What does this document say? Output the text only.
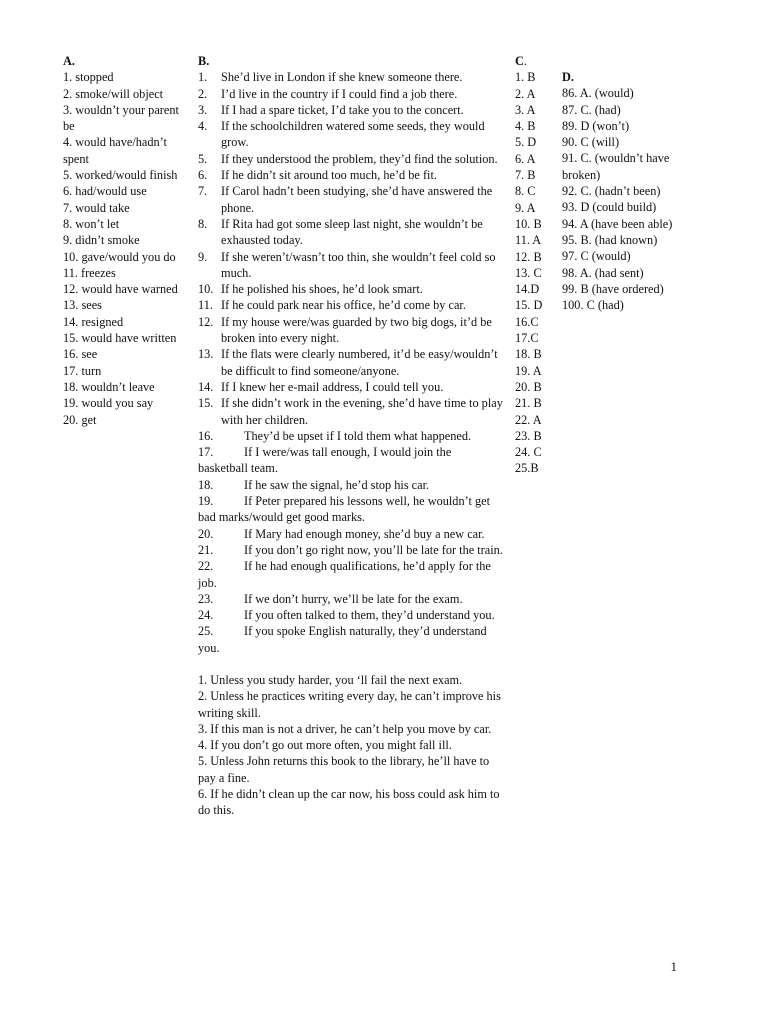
A.
1. stopped
2. smoke/will object
3. wouldn’t your parent be
4. would have/hadn’t spent
5. worked/would finish
6. had/would use
7. would take
8. won’t let
9. didn’t smoke
10. gave/would you do
11. freezes
12. would have warned
13. sees
14. resigned
15. would have written
16. see
17. turn
18. wouldn’t leave
19. would you say
20. get
B.
1.	She’d live in London if she knew someone there.
2.	I’d live in the country if I could find a job there.
3.	If I had a spare ticket, I’d take you to the concert.
4.	If the schoolchildren watered some seeds, they would grow.
5.	If they understood the problem, they’d find the solution.
6.	If he didn’t sit around too much, he’d be fit.
7.	If Carol hadn’t been studying, she’d have answered the phone.
8.	If Rita had got some sleep last night, she wouldn’t be exhausted today.
9.	If she weren’t/wasn’t too thin, she wouldn’t feel cold so much.
10. If he polished his shoes, he’d look smart.
11. If he could park near his office, he’d come by car.
12. If my house were/was guarded by two big dogs, it’d be broken into every night.
13. If the flats were clearly numbered, it’d be easy/wouldn’t be difficult to find someone/anyone.
14. If I knew her e-mail address, I could tell you.
15. If she didn’t work in the evening, she’d have time to play with her children.
16. They’d be upset if I told them what happened.
17. If I were/was tall enough, I would join the basketball team.
18. If he saw the signal, he’d stop his car.
19. If Peter prepared his lessons well, he wouldn’t get bad marks/would get good marks.
20. If Mary had enough money, she’d buy a new car.
21. If you don’t go right now, you’ll be late for the train.
22. If he had enough qualifications, he’d apply for the job.
23. If we don’t hurry, we’ll be late for the exam.
24. If you often talked to them, they’d understand you.
25. If you spoke English naturally, they’d understand you.
1. Unless you study harder, you ‘ll fail the next exam.
2. Unless he practices writing every day, he can’t improve his writing skill.
3. If this man is not a driver, he can’t help you move by car.
4. If you don’t go out more often, you might fall ill.
5. Unless John returns this book to the library, he’ll have to pay a fine.
6. If he didn’t clean up the car now, his boss could ask him to do this.
C.
1. B
2. A
3. A
4. B
5. D
6. A
7. B
8. C
9. A
10. B
11. A
12. B
13. C
14.D
15. D
16.C
17.C
18. B
19. A
20. B
21. B
22. A
23. B
24. C
25.B
D.
86. A. (would)
87. C. (had)
89. D (won’t)
90. C (will)
91. C. (wouldn’t have broken)
92. C. (hadn’t been)
93. D (could build)
94. A (have been able)
95. B. (had known)
97. C (would)
98. A. (had sent)
99. B (have ordered)
100. C (had)
1
